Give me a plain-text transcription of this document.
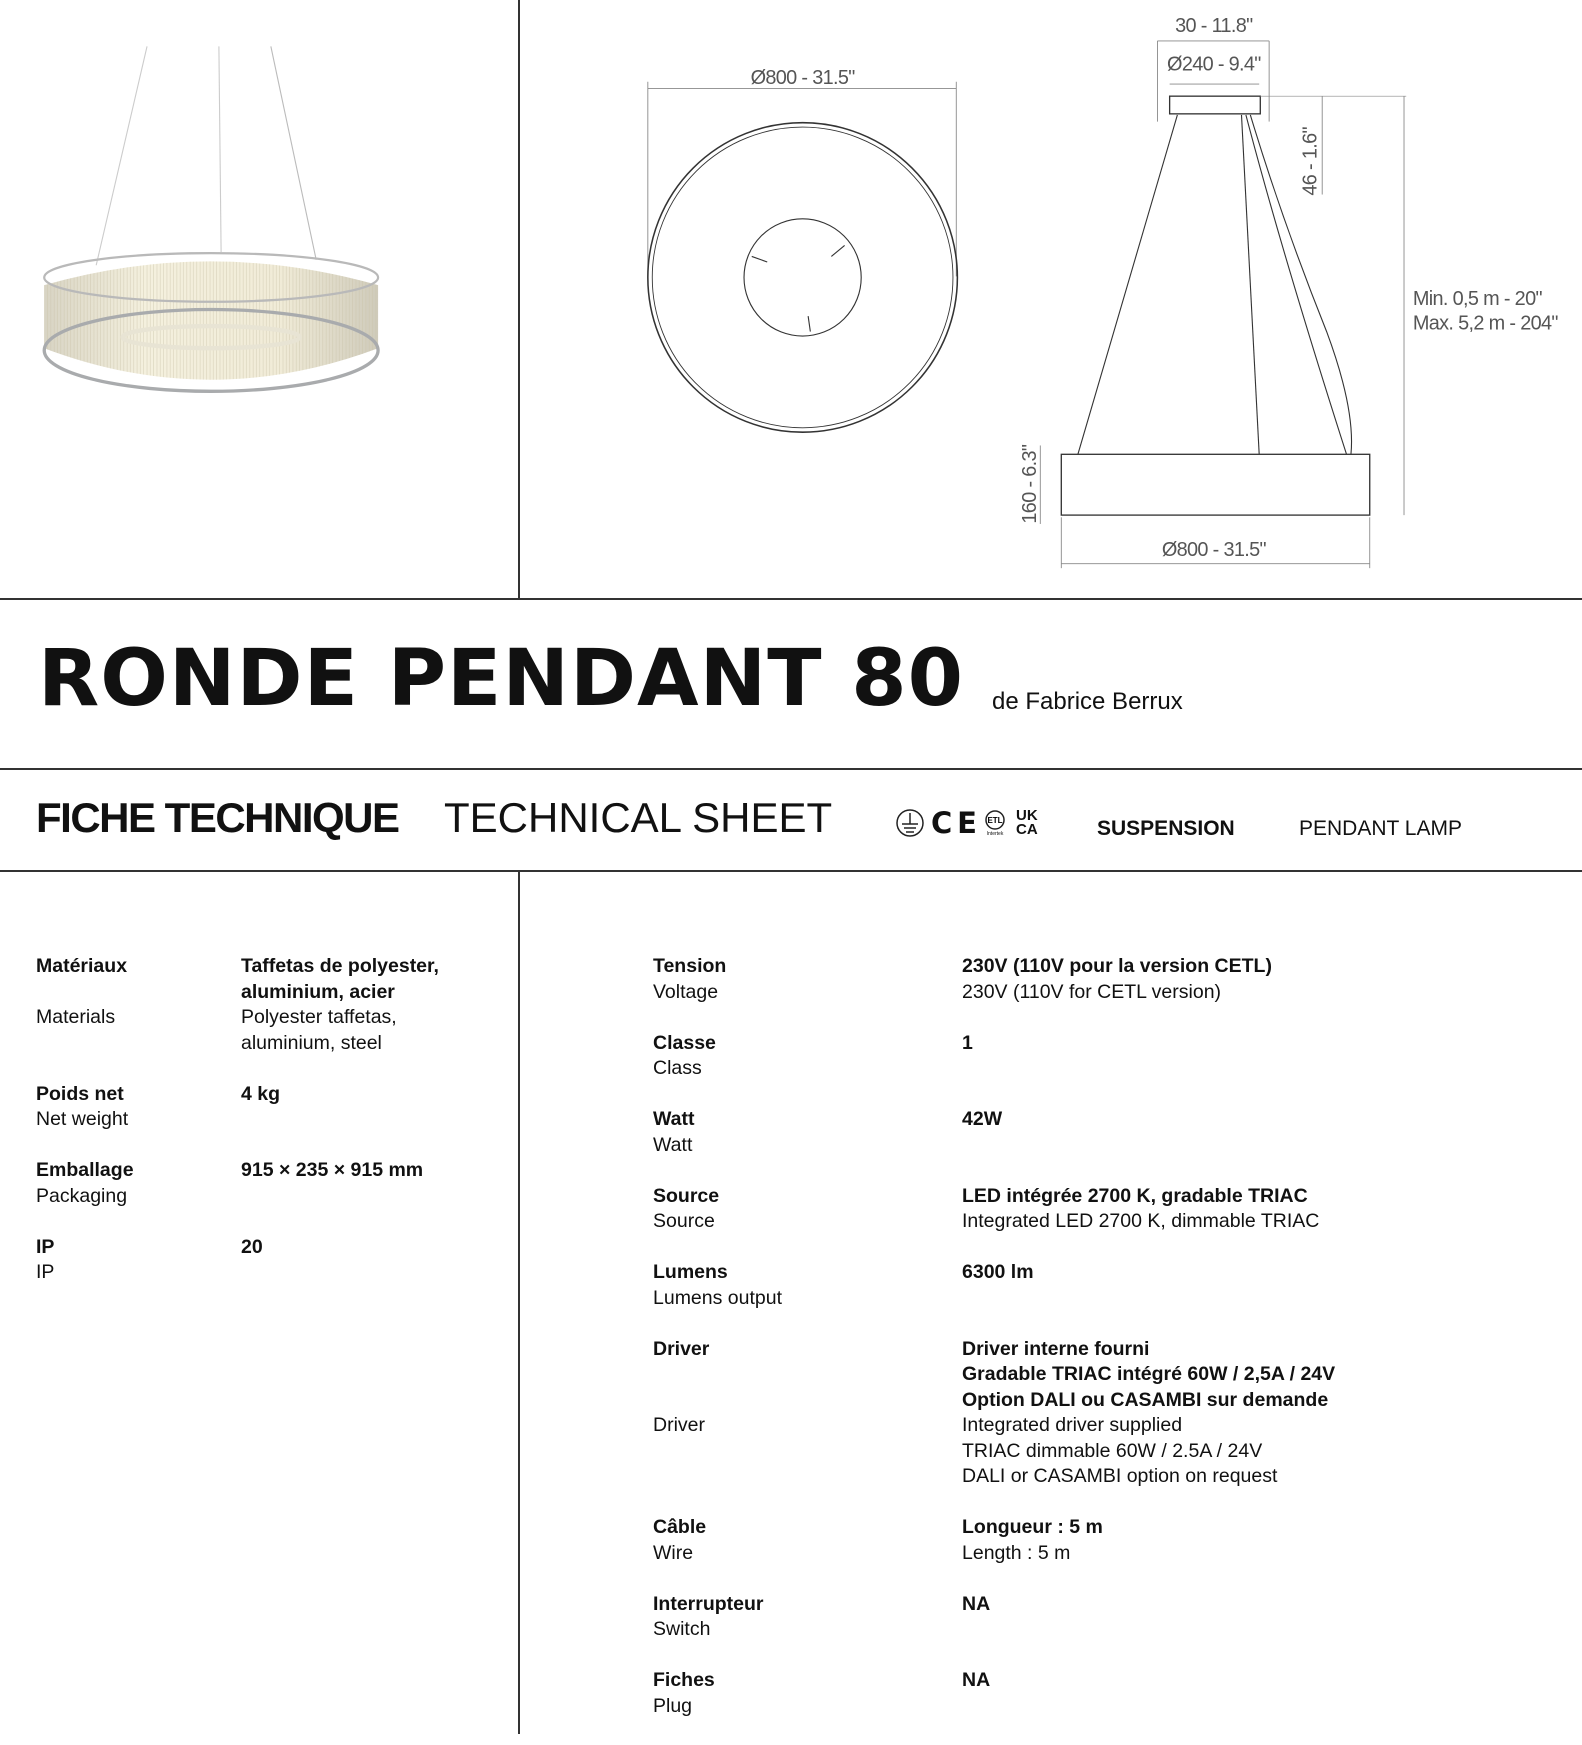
Ø800 - 31.5"
30 - 11.8"
Ø240 - 9.4"
46 - 1.6"
Min. 0,5 m - 20"
Max. 5,2 m - 204"
160 - 6.3"
Ø800 - 31.5"
RONDE PENDANT 80 de Fabrice Berrux
FICHE TECHNIQUE TECHNICAL SHEET	C E ETL
Intertek
UK
CA	SUSPENSION	PENDANT LAMP
Matériaux	Taffetas de polyester,
aluminium, acier
Materials	Polyester taffetas,
aluminium, steel
Poids net	4 kg
Net weight
Emballage	915 × 235 × 915 mm
Packaging
IP	20
IP
Tension	230V (110V pour la version CETL)
Voltage	230V (110V for CETL version)
Classe	1
Class
Watt	42W
Watt
Source	LED intégrée 2700 K, gradable TRIAC
Source	Integrated LED 2700 K, dimmable TRIAC
Lumens	6300 lm
Lumens output
Driver	Driver interne fourni
Gradable TRIAC intégré 60W / 2,5A / 24V
Option DALI ou CASAMBI sur demande
Driver	Integrated driver supplied
TRIAC dimmable 60W / 2.5A / 24V
DALI or CASAMBI option on request
Câble	Longueur : 5 m
Wire	Length : 5 m
Interrupteur	NA
Switch
Fiches	NA
Plug
